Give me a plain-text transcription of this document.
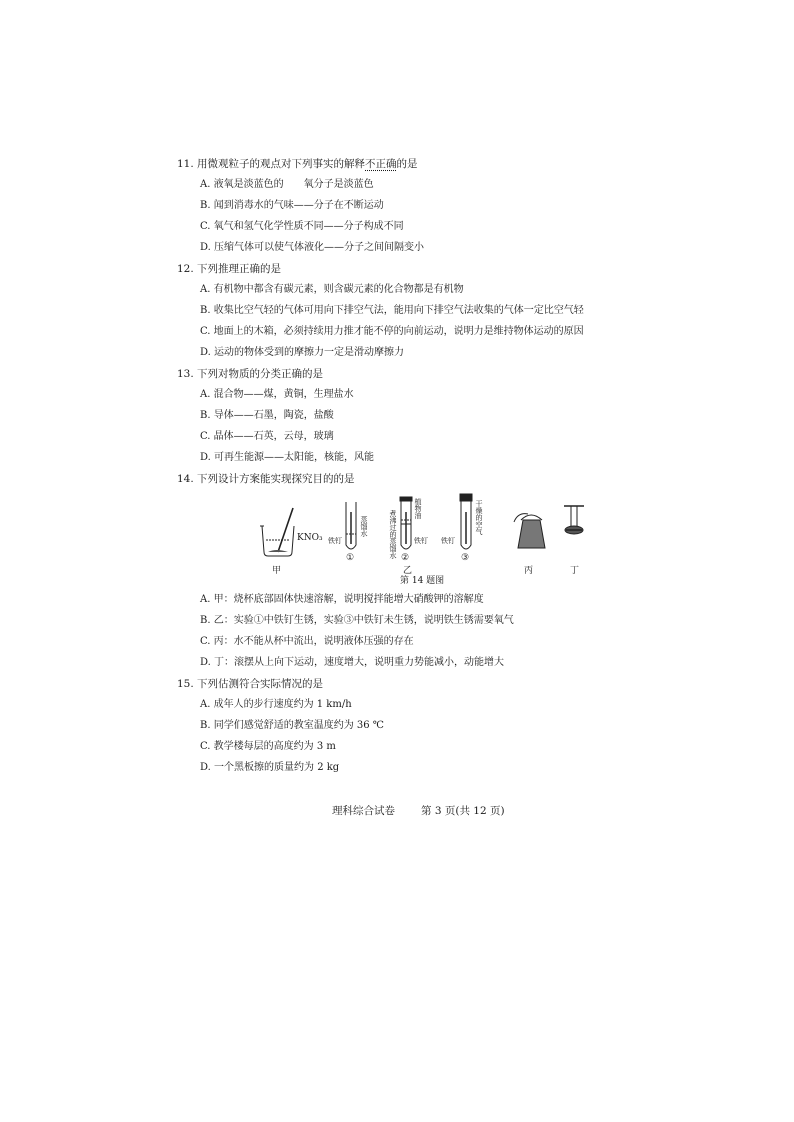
11. 用微观粒子的观点对下列事实的解释不正确的是
A. 液氧是淡蓝色的　　氧分子是淡蓝色
B. 闻到消毒水的气味——分子在不断运动
C. 氧气和氢气化学性质不同——分子构成不同
D. 压缩气体可以使气体液化——分子之间间隔变小
12. 下列推理正确的是
A. 有机物中都含有碳元素，则含碳元素的化合物都是有机物
B. 收集比空气轻的气体可用向下排空气法，能用向下排空气法收集的气体一定比空气轻
C. 地面上的木箱，必须持续用力推才能不停的向前运动，说明力是维持物体运动的原因
D. 运动的物体受到的摩擦力一定是滑动摩擦力
13. 下列对物质的分类正确的是
A. 混合物——煤，黄铜，生理盐水
B. 导体——石墨，陶瓷，盐酸
C. 晶体——石英，云母，玻璃
D. 可再生能源——太阳能，核能，风能
14. 下列设计方案能实现探究目的的是
KNO₃
甲
铁钉
蒸馏水
①	煮沸过的蒸馏水
植物油
铁钉
②
乙
铁钉
干燥的空气
③
丙	丁
第 14 题图
A. 甲：烧杯底部固体快速溶解，说明搅拌能增大硝酸钾的溶解度
B. 乙：实验①中铁钉生锈，实验③中铁钉未生锈，说明铁生锈需要氧气
C. 丙：水不能从杯中流出，说明液体压强的存在
D. 丁：滚摆从上向下运动，速度增大，说明重力势能减小，动能增大
15. 下列估测符合实际情况的是
A. 成年人的步行速度约为 1 km/h
B. 同学们感觉舒适的教室温度约为 36 ℃
C. 教学楼每层的高度约为 3 m
D. 一个黑板擦的质量约为 2 kg
理科综合试卷 第 3 页(共 12 页)
